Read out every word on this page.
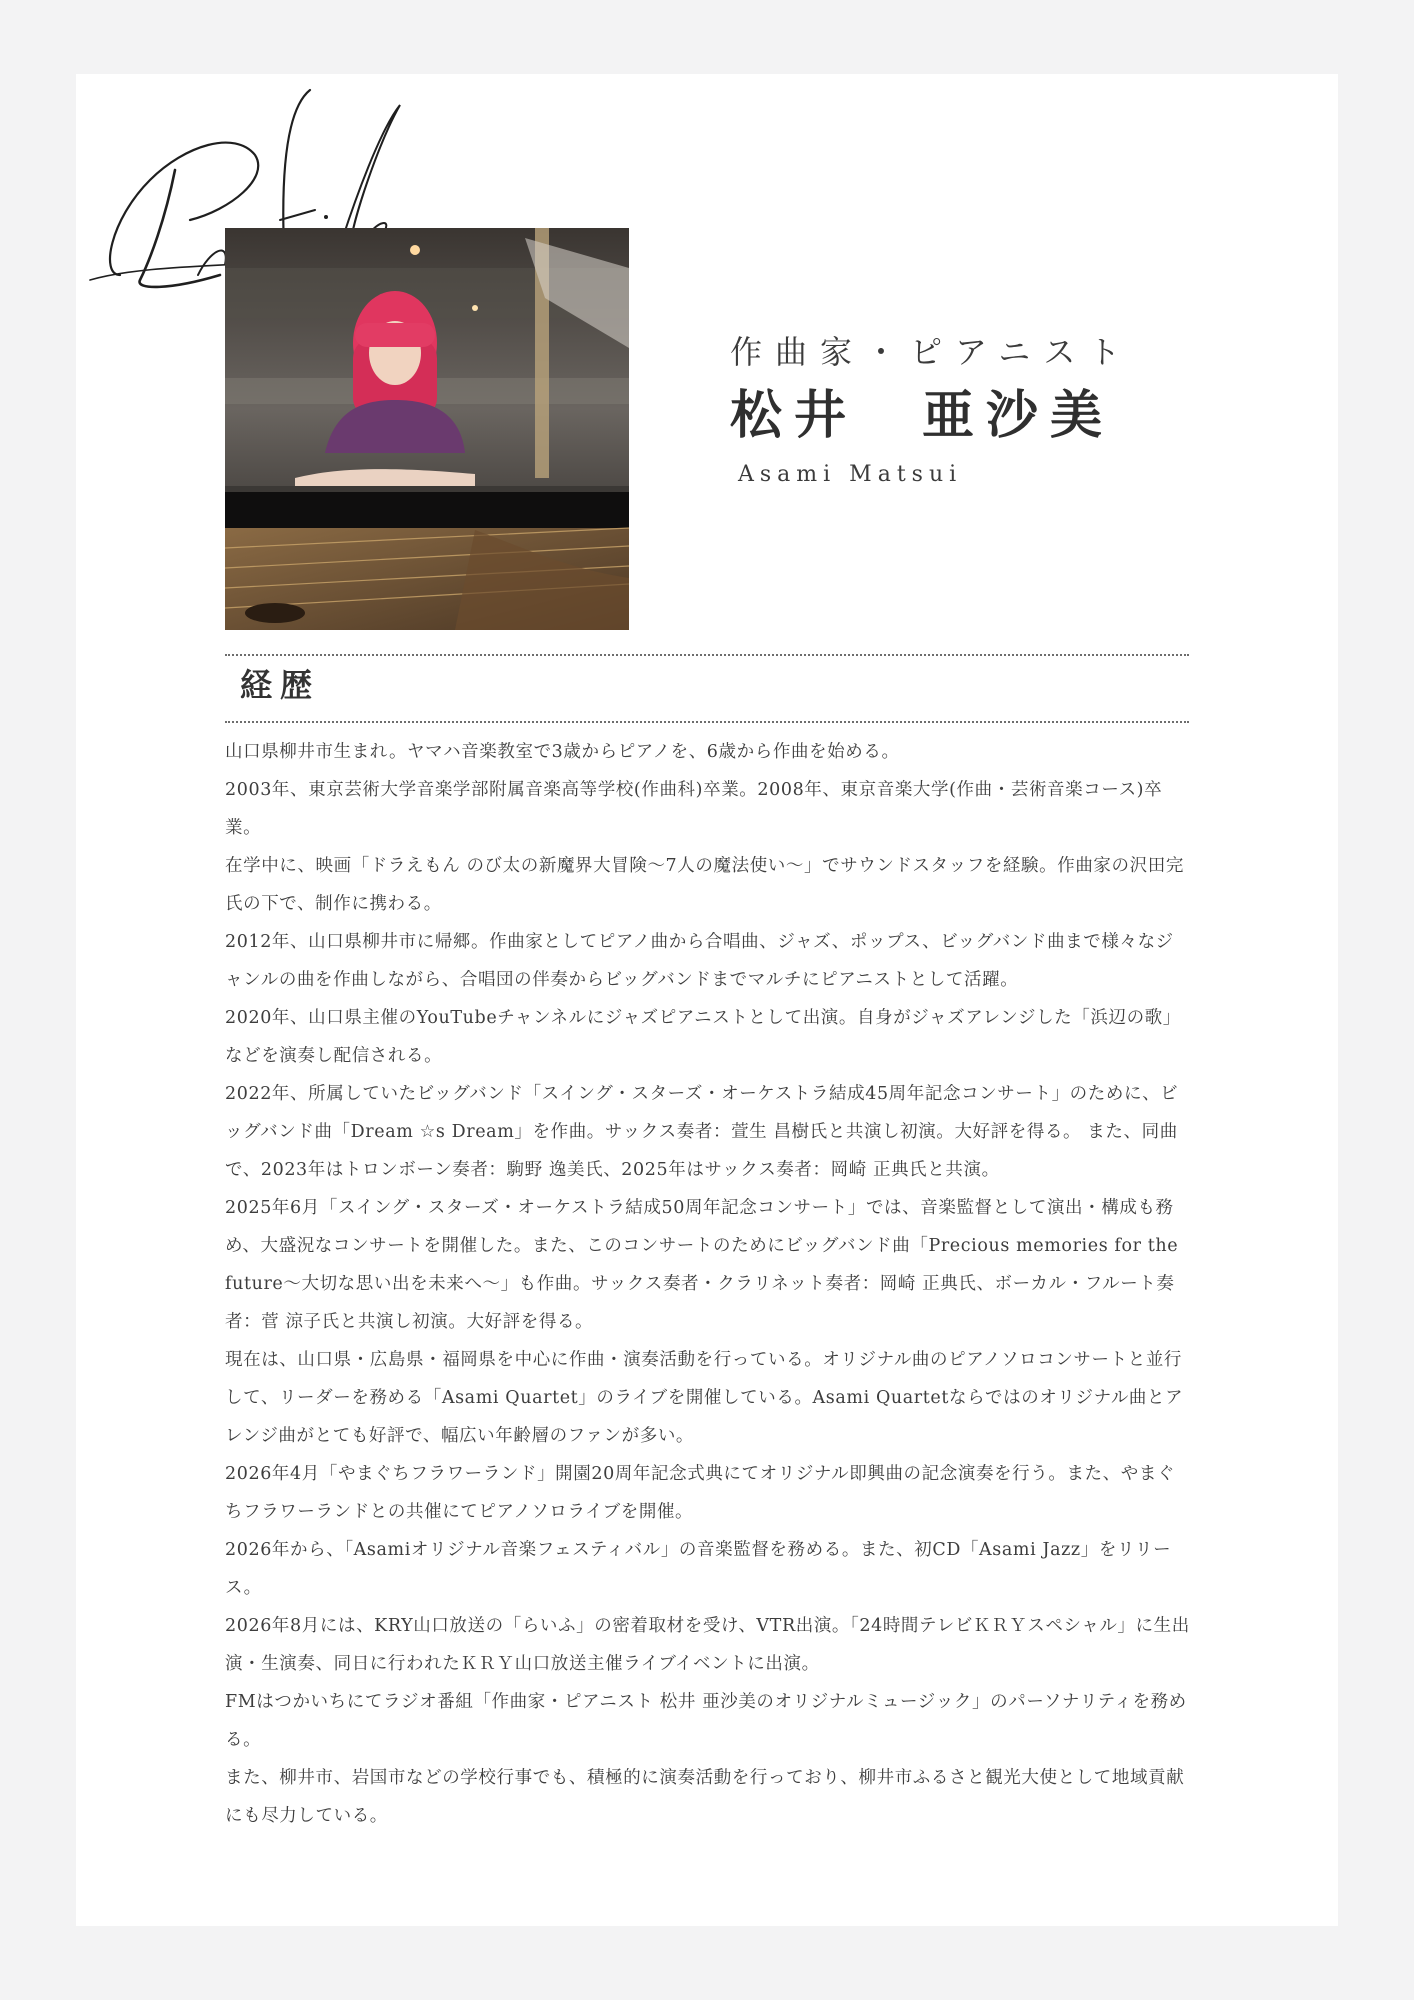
作曲家・ピアニスト

松井　亜沙美

Asami Matsui

経歴

山口県柳井市生まれ。ヤマハ音楽教室で3歳からピアノを、6歳から作曲を始める。

2003年、東京芸術大学音楽学部附属音楽高等学校(作曲科)卒業。2008年、東京音楽大学(作曲・芸術音楽コース)卒業。

在学中に、映画「ドラえもん のび太の新魔界大冒険〜7人の魔法使い〜」でサウンドスタッフを経験。作曲家の沢田完氏の下で、制作に携わる。

2012年、山口県柳井市に帰郷。作曲家としてピアノ曲から合唱曲、ジャズ、ポップス、ビッグバンド曲まで様々なジャンルの曲を作曲しながら、合唱団の伴奏からビッグバンドまでマルチにピアニストとして活躍。

2020年、山口県主催のYouTubeチャンネルにジャズピアニストとして出演。自身がジャズアレンジした「浜辺の歌」などを演奏し配信される。

2022年、所属していたビッグバンド「スイング・スターズ・オーケストラ結成45周年記念コンサート」のために、ビッグバンド曲「Dream ☆s Dream」を作曲。サックス奏者：萱生 昌樹氏と共演し初演。大好評を得る。 また、同曲で、2023年はトロンボーン奏者：駒野 逸美氏、2025年はサックス奏者：岡崎 正典氏と共演。

2025年6月「スイング・スターズ・オーケストラ結成50周年記念コンサート」では、音楽監督として演出・構成も務め、大盛況なコンサートを開催した。また、このコンサートのためにビッグバンド曲「Precious memories for the future〜大切な思い出を未来へ〜」も作曲。サックス奏者・クラリネット奏者：岡崎 正典氏、ボーカル・フルート奏者：菅 涼子氏と共演し初演。大好評を得る。

現在は、山口県・広島県・福岡県を中心に作曲・演奏活動を行っている。オリジナル曲のピアノソロコンサートと並行して、リーダーを務める「Asami Quartet」のライブを開催している。Asami Quartetならではのオリジナル曲とアレンジ曲がとても好評で、幅広い年齢層のファンが多い。

2026年4月「やまぐちフラワーランド」開園20周年記念式典にてオリジナル即興曲の記念演奏を行う。また、やまぐちフラワーランドとの共催にてピアノソロライブを開催。

2026年から、「Asamiオリジナル音楽フェスティバル」の音楽監督を務める。また、初CD「Asami Jazz」をリリース。

2026年8月には、KRY山口放送の「らいふ」の密着取材を受け、VTR出演。「24時間テレビＫＲＹスペシャル」に生出演・生演奏、同日に行われたＫＲＹ山口放送主催ライブイベントに出演。

FMはつかいちにてラジオ番組「作曲家・ピアニスト 松井 亜沙美のオリジナルミュージック」のパーソナリティを務める。

また、柳井市、岩国市などの学校行事でも、積極的に演奏活動を行っており、柳井市ふるさと観光大使として地域貢献にも尽力している。
